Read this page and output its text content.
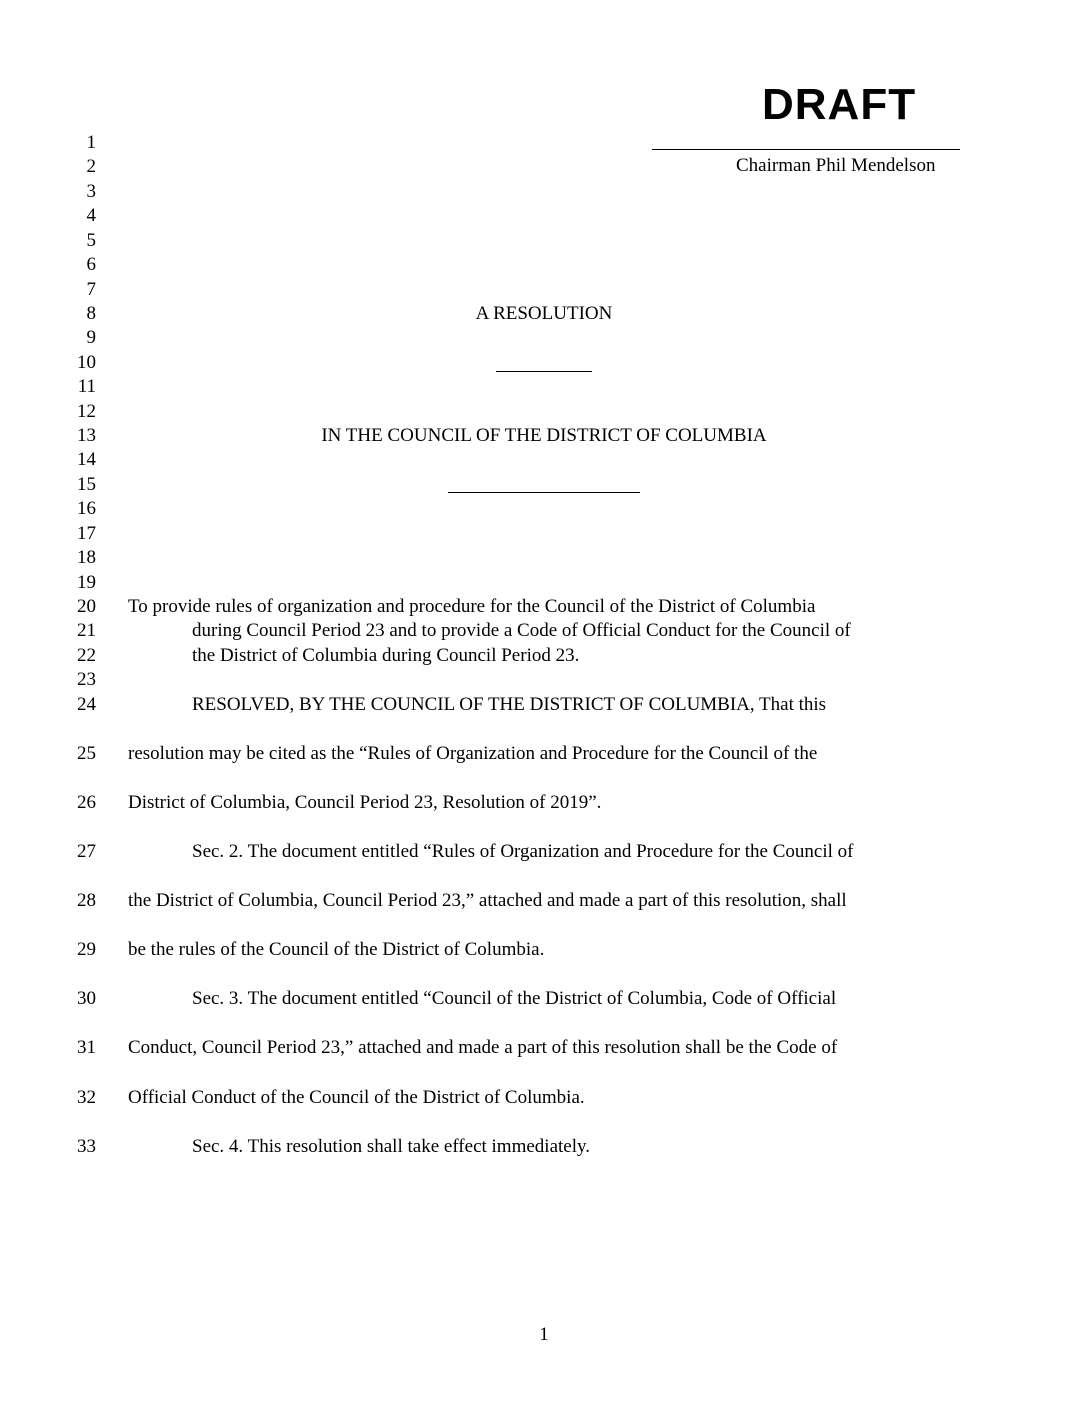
DRAFT
Chairman Phil Mendelson
1
2
3
4
5
6
7
8
9
10
11
12
13
14
15
16
17
18
19
20
21
22
23
24
25
26
27
28
29
30
31
32
33
A RESOLUTION
IN THE COUNCIL OF THE DISTRICT OF COLUMBIA
To provide rules of organization and procedure for the Council of the District of Columbia
during Council Period 23 and to provide a Code of Official Conduct for the Council of
the District of Columbia during Council Period 23.
RESOLVED, BY THE COUNCIL OF THE DISTRICT OF COLUMBIA, That this
resolution may be cited as the “Rules of Organization and Procedure for the Council of the
District of Columbia, Council Period 23, Resolution of 2019”.
Sec. 2. The document entitled “Rules of Organization and Procedure for the Council of
the District of Columbia, Council Period 23,” attached and made a part of this resolution, shall
be the rules of the Council of the District of Columbia.
Sec. 3. The document entitled “Council of the District of Columbia, Code of Official
Conduct, Council Period 23,” attached and made a part of this resolution shall be the Code of
Official Conduct of the Council of the District of Columbia.
Sec. 4. This resolution shall take effect immediately.
1
